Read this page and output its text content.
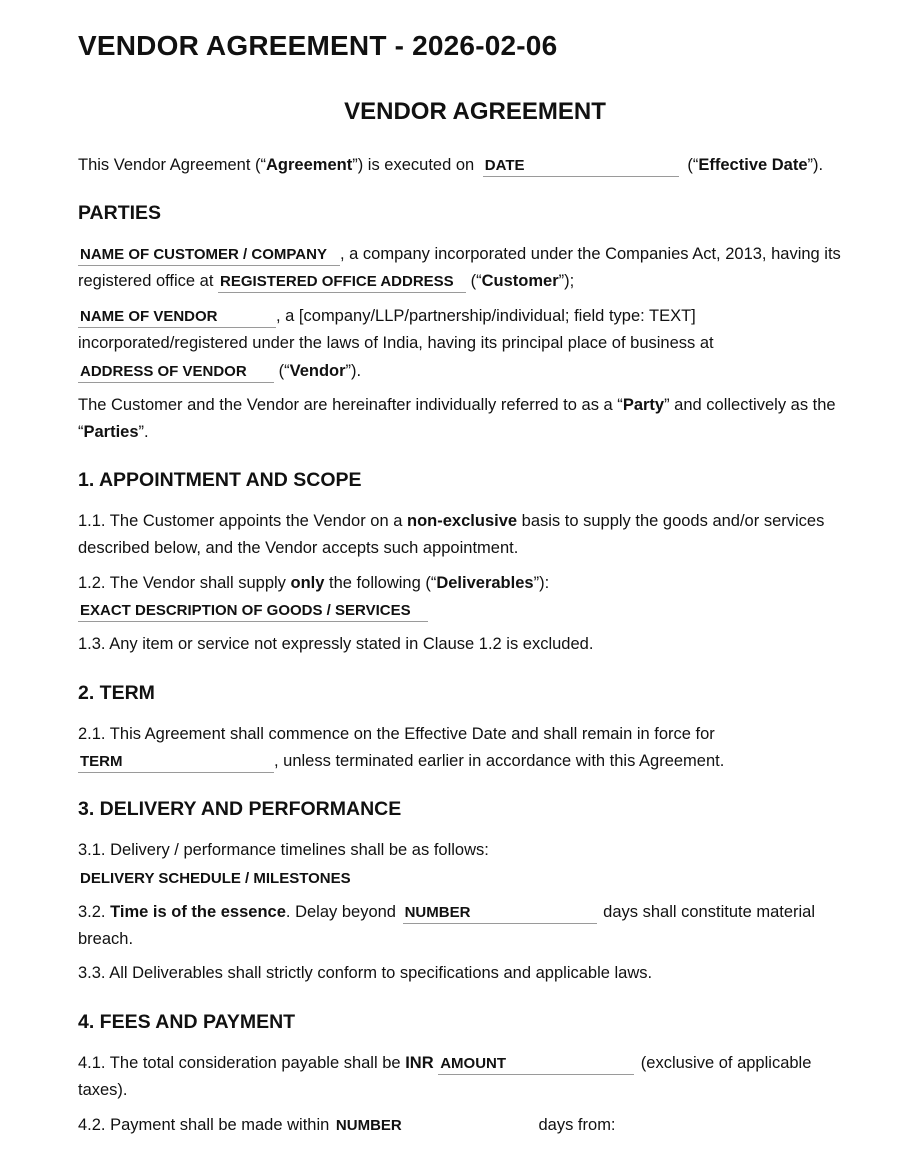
VENDOR AGREEMENT - 2026-02-06
VENDOR AGREEMENT

This Vendor Agreement (“Agreement”) is executed on DATE	(“Effective Date”).

PARTIES

NAME OF CUSTOMER / COMPANY , a company incorporated under the Companies Act, 2013, having its

registered office at REGISTERED OFFICE ADDRESS (“Customer”);

NAME OF VENDOR	, a [company/LLP/partnership/individual; field type: TEXT]

incorporated/registered under the laws of India, having its principal place of business at

ADDRESS OF VENDOR (“Vendor”).

The Customer and the Vendor are hereinafter individually referred to as a “Party” and collectively as the

“Parties”.

1. APPOINTMENT AND SCOPE

1.1. The Customer appoints the Vendor on a non-exclusive basis to supply the goods and/or services

described below, and the Vendor accepts such appointment.

1.2. The Vendor shall supply only the following (“Deliverables”):

EXACT DESCRIPTION OF GOODS / SERVICES

1.3. Any item or service not expressly stated in Clause 1.2 is excluded.

2. TERM

2.1. This Agreement shall commence on the Effective Date and shall remain in force for

TERM	, unless terminated earlier in accordance with this Agreement.

3. DELIVERY AND PERFORMANCE

3.1. Delivery / performance timelines shall be as follows:

DELIVERY SCHEDULE / MILESTONES

3.2. Time is of the essence. Delay beyond NUMBER	days shall constitute material

breach.

3.3. All Deliverables shall strictly conform to specifications and applicable laws.

4. FEES AND PAYMENT

4.1. The total consideration payable shall be INR AMOUNT	(exclusive of applicable

taxes).

4.2. Payment shall be made within NUMBER	days from:
